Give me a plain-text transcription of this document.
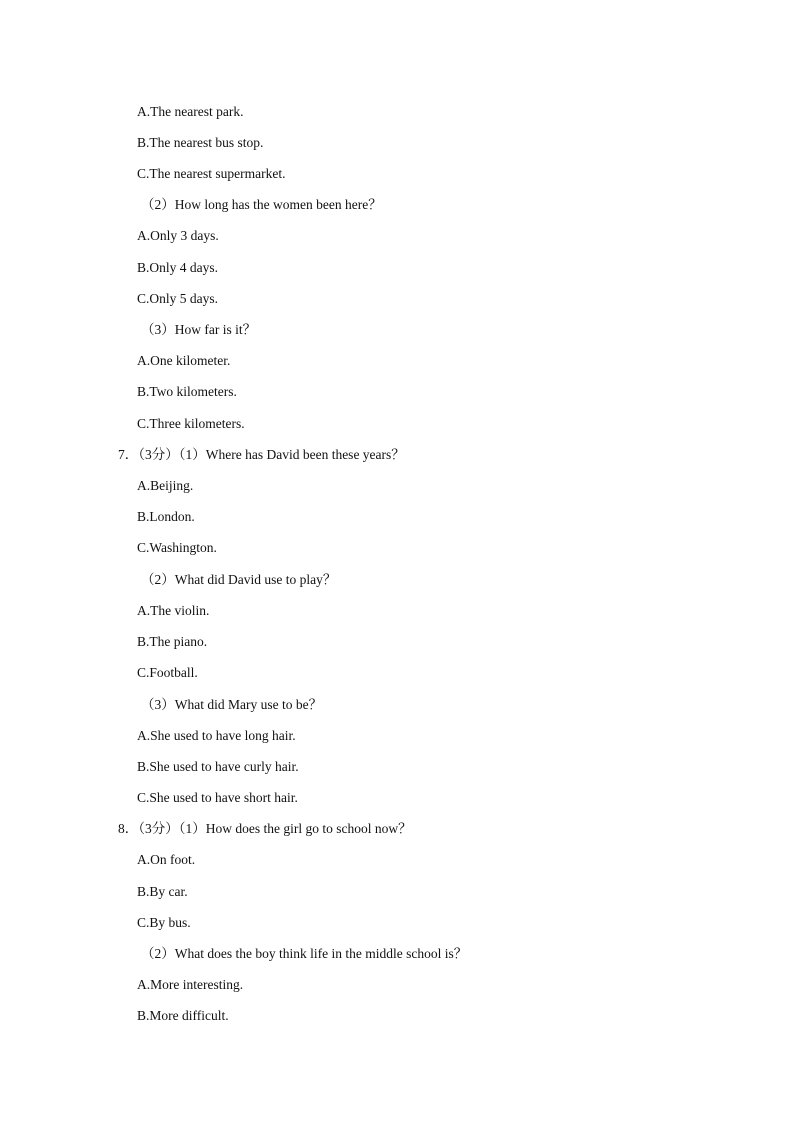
A.The nearest park.
B.The nearest bus stop.
C.The nearest supermarket.
（2）How long has the women been here？
A.Only 3 days.
B.Only 4 days.
C.Only 5 days.
（3）How far is it？
A.One kilometer.
B.Two kilometers.
C.Three kilometers.
7．（3分）（1）Where has David been these years？
A.Beijing.
B.London.
C.Washington.
（2）What did David use to play？
A.The violin.
B.The piano.
C.Football.
（3）What did Mary use to be？
A.She used to have long hair.
B.She used to have curly hair.
C.She used to have short hair.
8．（3分）（1）How does the girl go to school now？
A.On foot.
B.By car.
C.By bus.
（2）What does the boy think life in the middle school is？
A.More interesting.
B.More difficult.
